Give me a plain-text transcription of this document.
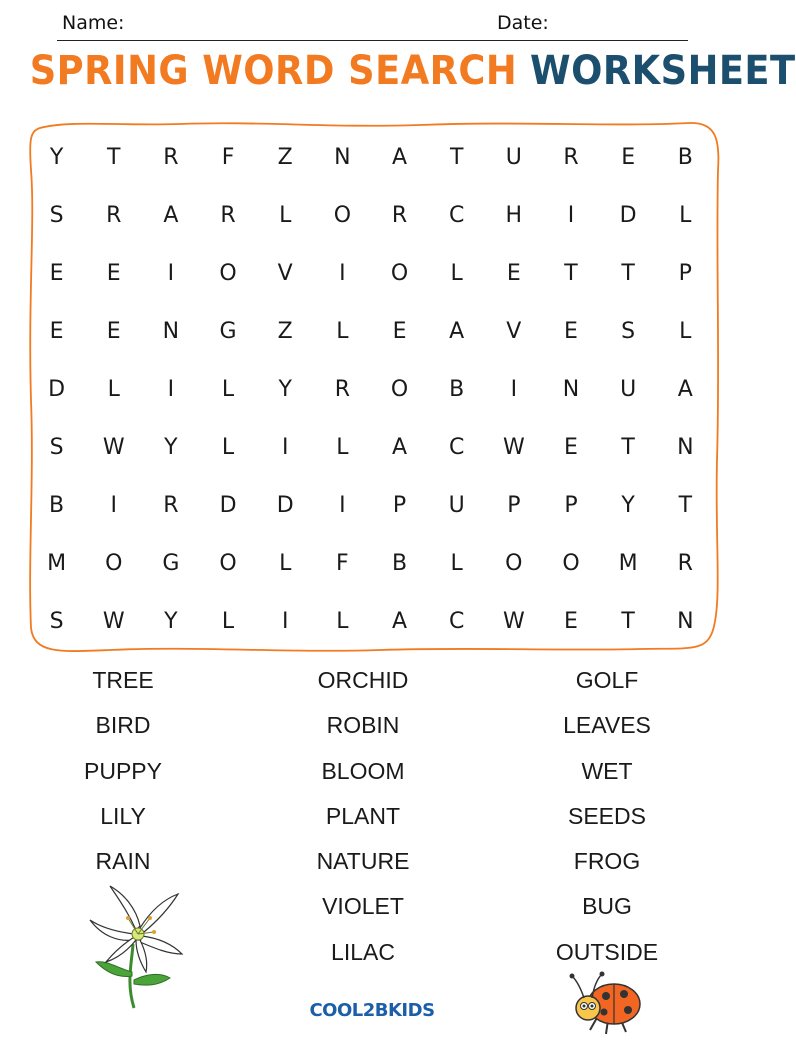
Name:	Date:
SPRING WORD SEARCH WORKSHEET
Y	T	R	F	Z	N	A	T	U	R	E	B
S	R	A	R	L	O	R	C	H	I	D	L
E	E	I	O	V	I	O	L	E	T	T	P
E	E	N	G	Z	L	E	A	V	E	S	L
D	L	I	L	Y	R	O	B	I	N	U	A
S	W	Y	L	I	L	A	C	W	E	T	N
B	I	R	D	D	I	P	U	P	P	Y	T
M	O	G	O	L	F	B	L	O	O	M	R
S	W	Y	L	I	L	A	C	W	E	T	N
TREE
BIRD
PUPPY
LILY
RAIN
ORCHID
ROBIN
BLOOM
PLANT
NATURE
VIOLET
LILAC
GOLF
LEAVES
WET
SEEDS
FROG
BUG
OUTSIDE
COOL2BKIDS
